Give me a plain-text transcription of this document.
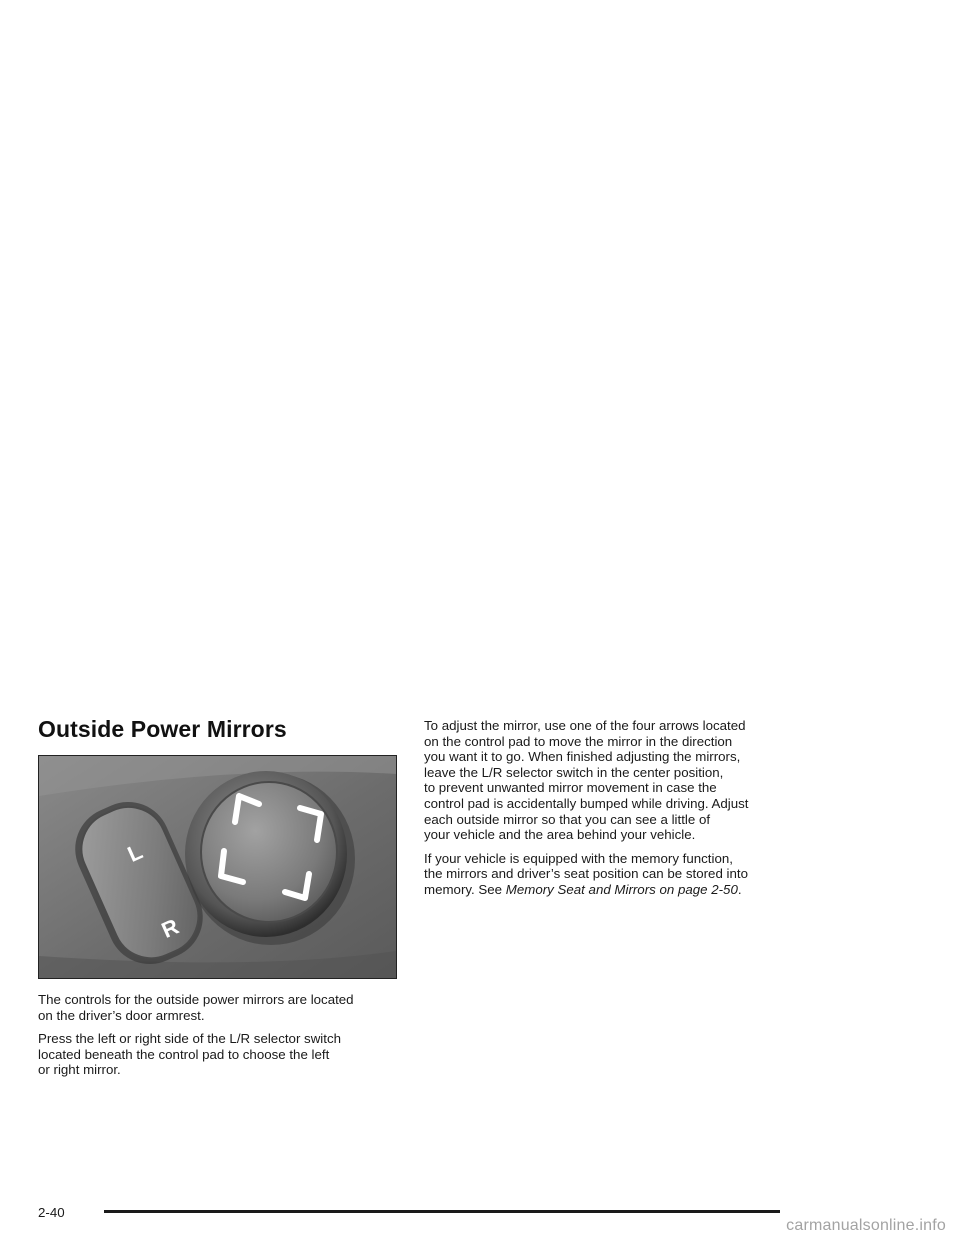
Outside Power Mirrors
L
R

The controls for the outside power mirrors are located
on the driver’s door armrest.

Press the left or right side of the L/R selector switch
located beneath the control pad to choose the left
or right mirror.

To adjust the mirror, use one of the four arrows located
on the control pad to move the mirror in the direction
you want it to go. When finished adjusting the mirrors,
leave the L/R selector switch in the center position,
to prevent unwanted mirror movement in case the
control pad is accidentally bumped while driving. Adjust
each outside mirror so that you can see a little of
your vehicle and the area behind your vehicle.

If your vehicle is equipped with the memory function,
the mirrors and driver’s seat position can be stored into
memory. See Memory Seat and Mirrors on page 2-50.

2-40
carmanualsonline.info
